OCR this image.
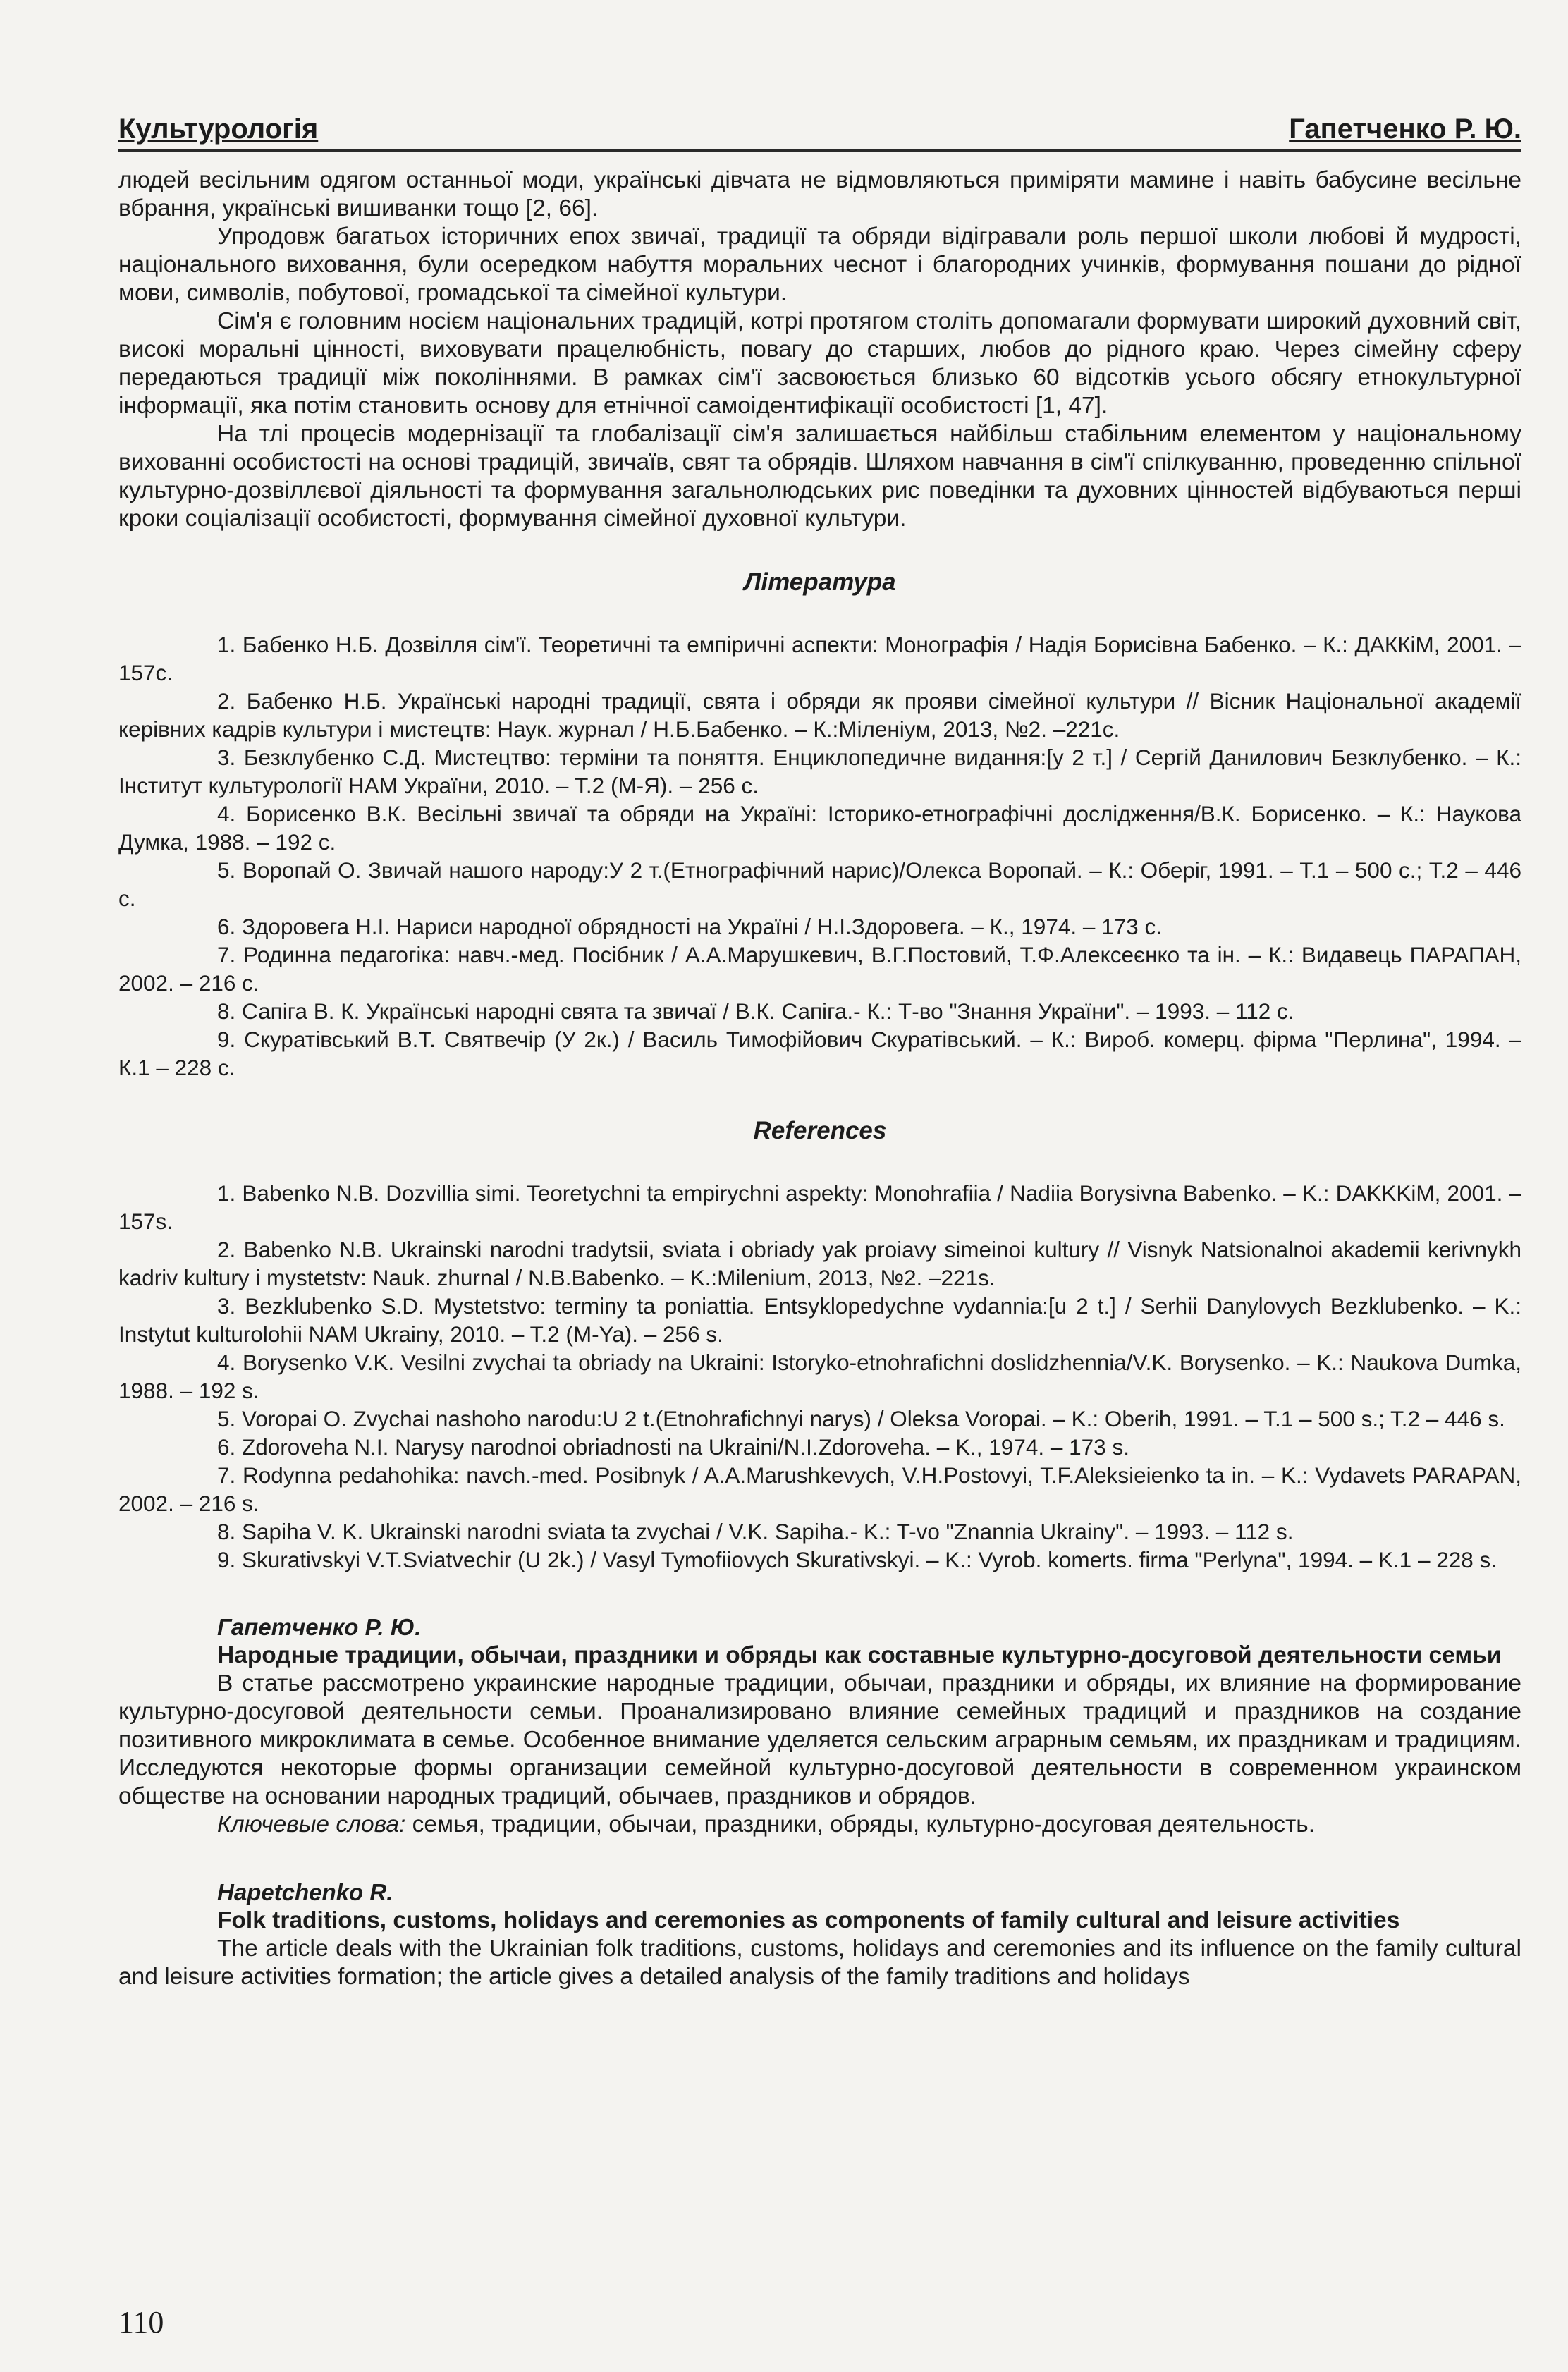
Культурологія	Гапетченко Р. Ю.

людей весільним одягом останньої моди, українські дівчата не відмовляються приміряти мамине і навіть бабусине весільне вбрання, українські вишиванки тощо [2, 66].

Упродовж багатьох історичних епох звичаї, традиції та обряди відігравали роль першої школи любові й мудрості, національного виховання, були осередком набуття моральних чеснот і благородних учинків, формування пошани до рідної мови, символів, побутової, громадської та сімейної культури.

Сім'я є головним носієм національних традицій, котрі протягом століть допомагали формувати широкий духовний світ, високі моральні цінності, виховувати працелюбність, повагу до старших, любов до рідного краю. Через сімейну сферу передаються традиції між поколіннями. В рамках сім'ї засвоюється близько 60 відсотків усього обсягу етнокультурної інформації, яка потім становить основу для етнічної самоідентифікації особистості [1, 47].

На тлі процесів модернізації та глобалізації сім'я залишається найбільш стабільним елементом у національному вихованні особистості на основі традицій, звичаїв, свят та обрядів. Шляхом навчання в сім'ї спілкуванню, проведенню спільної культурно-дозвіллєвої діяльності та формування загальнолюдських рис поведінки та духовних цінностей відбуваються перші кроки соціалізації особистості, формування сімейної духовної культури.

Література

1. Бабенко Н.Б. Дозвілля сім'ї. Теоретичні та емпіричні аспекти: Монографія / Надія Борисівна Бабенко. – К.: ДАККіМ, 2001. – 157с.

2. Бабенко Н.Б. Українські народні традиції, свята і обряди як прояви сімейної культури // Вісник Національної академії керівних кадрів культури і мистецтв: Наук. журнал / Н.Б.Бабенко. – К.:Міленіум, 2013, №2. –221с.

3. Безклубенко С.Д. Мистецтво: терміни та поняття. Енциклопедичне видання:[у 2 т.] / Сергій Данилович Безклубенко. – К.: Інститут культурології НАМ України, 2010. – Т.2 (М-Я). – 256 с.

4. Борисенко В.К. Весільні звичаї та обряди на Україні: Історико-етнографічні дослідження/В.К. Борисенко. – К.: Наукова Думка, 1988. – 192 с.

5. Воропай О. Звичай нашого народу:У 2 т.(Етнографічний нарис)/Олекса Воропай. – К.: Оберіг, 1991. – Т.1 – 500 с.; Т.2 – 446 с.

6. Здоровега Н.І. Нариси народної обрядності на Україні / Н.І.Здоровега. – К., 1974. – 173 с.

7. Родинна педагогіка: навч.-мед. Посібник / А.А.Марушкевич, В.Г.Постовий, Т.Ф.Алексеєнко та ін. – К.: Видавець ПАРАПАН, 2002. – 216 с.

8. Сапіга В. К. Українські народні свята та звичаї / В.К. Сапіга.- К.: Т-во "Знання України". – 1993. – 112 с.

9. Скуратівський В.Т. Святвечір (У 2к.) / Василь Тимофійович Скуратівський. – К.: Вироб. комерц. фірма "Перлина", 1994. – К.1 – 228 с.

References

1. Babenko N.B. Dozvillia simi. Teoretychni ta empirychni aspekty: Monohrafiia / Nadiia Borysivna Babenko. – K.: DAKKKiM, 2001. – 157s.

2. Babenko N.B. Ukrainski narodni tradytsii, sviata i obriady yak proiavy simeinoi kultury // Visnyk Natsionalnoi akademii kerivnykh kadriv kultury i mystetstv: Nauk. zhurnal / N.B.Babenko. – K.:Milenium, 2013, №2. –221s.

3. Bezklubenko S.D. Mystetstvo: terminy ta poniattia. Entsyklopedychne vydannia:[u 2 t.] / Serhii Danylovych Bezklubenko. – K.: Instytut kulturolohii NAM Ukrainy, 2010. – T.2 (M-Ya). – 256 s.

4. Borysenko V.K. Vesilni zvychai ta obriady na Ukraini: Istoryko-etnohrafichni doslidzhennia/V.K. Borysenko. – K.: Naukova Dumka, 1988. – 192 s.

5. Voropai O. Zvychai nashoho narodu:U 2 t.(Etnohrafichnyi narys) / Oleksa Voropai. – K.: Oberih, 1991. – T.1 – 500 s.; T.2 – 446 s.

6. Zdoroveha N.I. Narysy narodnoi obriadnosti na Ukraini/N.I.Zdoroveha. – K., 1974. – 173 s.

7. Rodynna pedahohika: navch.-med. Posibnyk / A.A.Marushkevych, V.H.Postovyi, T.F.Aleksieienko ta in. – K.: Vydavets PARAPAN, 2002. – 216 s.

8. Sapiha V. K. Ukrainski narodni sviata ta zvychai / V.K. Sapiha.- K.: T-vo "Znannia Ukrainy". – 1993. – 112 s.

9. Skurativskyi V.T.Sviatvechir (U 2k.) / Vasyl Tymofiiovych Skurativskyi. – K.: Vyrob. komerts. firma "Perlyna", 1994. – K.1 – 228 s.

Гапетченко Р. Ю.

Народные традиции, обычаи, праздники и обряды как составные культурно-досуговой деятельности семьи

В статье рассмотрено украинские народные традиции, обычаи, праздники и обряды, их влияние на формирование культурно-досуговой деятельности семьи. Проанализировано влияние семейных традиций и праздников на создание позитивного микроклимата в семье. Особенное внимание уделяется сельским аграрным семьям, их праздникам и традициям. Исследуются некоторые формы организации семейной культурно-досуговой деятельности в современном украинском обществе на основании народных традиций, обычаев, праздников и обрядов.

Ключевые слова: семья, традиции, обычаи, праздники, обряды, культурно-досуговая деятельность.

Hapetchenko R.

Folk traditions, customs, holidays and ceremonies as components of family cultural and leisure activities

The article deals with the Ukrainian folk traditions, customs, holidays and ceremonies and its influence on the family cultural and leisure activities formation; the article gives a detailed analysis of the family traditions and holidays

110
